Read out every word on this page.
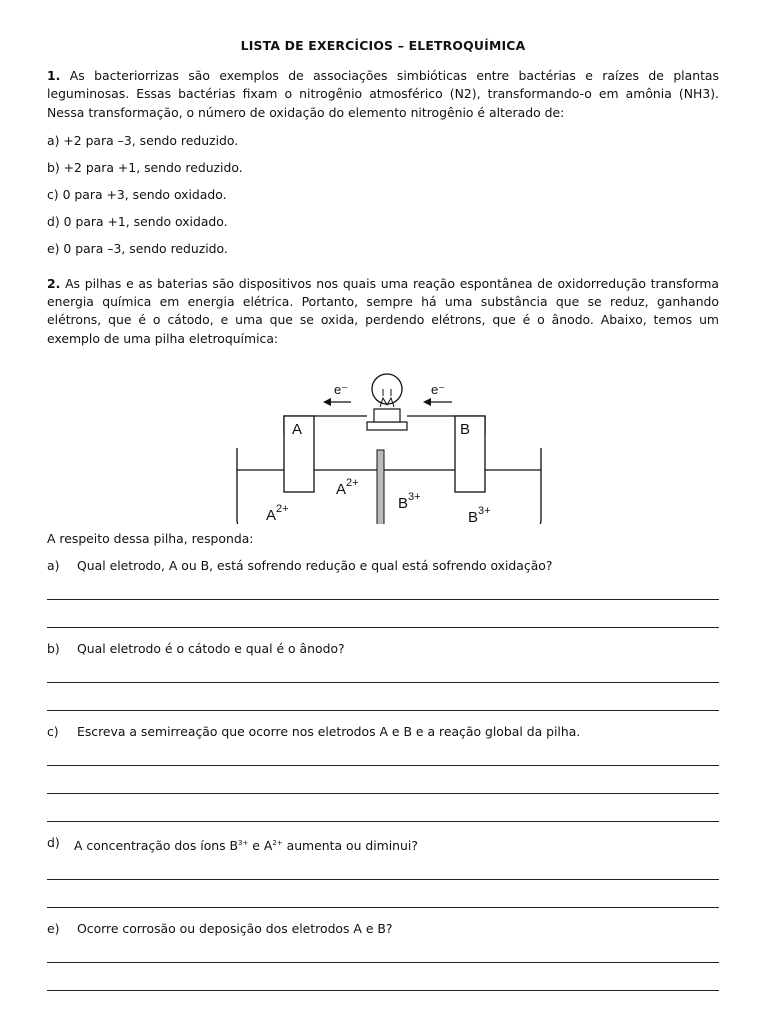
LISTA DE EXERCÍCIOS – ELETROQUÍMICA

1. As bacteriorrizas são exemplos de associações simbióticas entre bactérias e raízes de plantas leguminosas. Essas bactérias fixam o nitrogênio atmosférico (N2), transformando-o em amônia (NH3). Nessa transformação, o número de oxidação do elemento nitrogênio é alterado de:

a) +2 para –3, sendo reduzido.

b) +2 para +1, sendo reduzido.

c) 0 para +3, sendo oxidado.

d) 0 para +1, sendo oxidado.

e) 0 para –3, sendo reduzido.

2. As pilhas e as baterias são dispositivos nos quais uma reação espontânea de oxidorredução transforma energia química em energia elétrica. Portanto, sempre há uma substância que se reduz, ganhando elétrons, que é o cátodo, e uma que se oxida, perdendo elétrons, que é o ânodo. Abaixo, temos um exemplo de uma pilha eletroquímica:

e⁻	e⁻
A	B
$A^{2+}$
$A^{2+}$
$B^{3+}$
$B^{3+}$

A respeito dessa pilha, responda:

a)	Qual eletrodo, A ou B, está sofrendo redução e qual está sofrendo oxidação?
b)	Qual eletrodo é o cátodo e qual é o ânodo?
c)	Escreva a semirreação que ocorre nos eletrodos A e B e a reação global da pilha.
d)	A concentração dos íons $B^{3+}$ e $A^{2+}$ aumenta ou diminui?
e)	Ocorre corrosão ou deposição dos eletrodos A e B?
